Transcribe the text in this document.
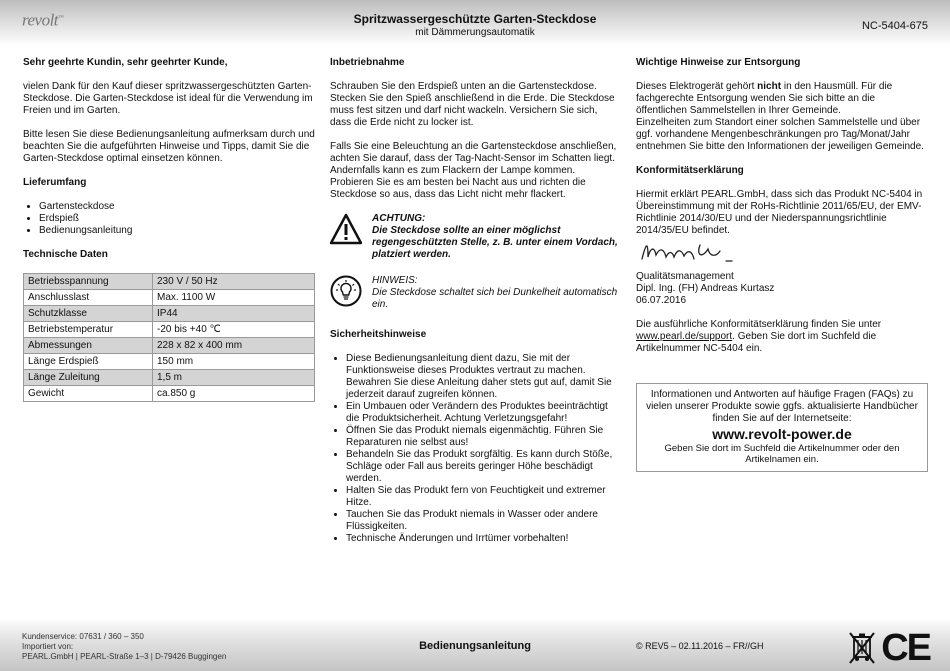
revolt™	Spritzwassergeschützte Garten-Steckdose
mit Dämmerungsautomatik
NC-5404-675
Sehr geehrte Kundin, sehr geehrter Kunde,

vielen Dank für den Kauf dieser spritzwassergeschützten Garten-Steckdose. Die Garten-Steckdose ist ideal für die Verwendung im Freien und im Garten.

Bitte lesen Sie diese Bedienungsanleitung aufmerksam durch und beachten Sie die aufgeführten Hinweise und Tipps, damit Sie die Garten-Steckdose optimal einsetzen können.

Lieferumfang
• Gartensteckdose
• Erdspieß
• Bedienungsanleitung
Technische Daten
Betriebsspannung	230 V / 50 Hz
Anschlusslast	Max. 1100 W
Schutzklasse	IP44
Betriebstemperatur	-20 bis +40 ℃
Abmessungen	228 x 82 x 400 mm
Länge Erdspieß	150 mm
Länge Zuleitung	1,5 m
Gewicht	ca.850 g
Inbetriebnahme

Schrauben Sie den Erdspieß unten an die Gartensteckdose. Stecken Sie den Spieß anschließend in die Erde. Die Steckdose muss fest sitzen und darf nicht wackeln. Versichern Sie sich, dass die Erde nicht zu locker ist.

Falls Sie eine Beleuchtung an die Gartensteckdose anschließen, achten Sie darauf, dass der Tag-Nacht-Sensor im Schatten liegt. Andernfalls kann es zum Flackern der Lampe kommen. Probieren Sie es am besten bei Nacht aus und richten die Steckdose so aus, dass das Licht nicht mehr flackert.

ACHTUNG:
Die Steckdose sollte an einer möglichst regengeschützten Stelle, z. B. unter einem Vordach, platziert werden.
HINWEIS:
Die Steckdose schaltet sich bei Dunkelheit automatisch ein.
Sicherheitshinweise
• Diese Bedienungsanleitung dient dazu, Sie mit der Funktionsweise dieses Produktes vertraut zu machen. Bewahren Sie diese Anleitung daher stets gut auf, damit Sie jederzeit darauf zugreifen können.
• Ein Umbauen oder Verändern des Produktes beeinträchtigt die Produktsicherheit. Achtung Verletzungsgefahr!
• Öffnen Sie das Produkt niemals eigenmächtig. Führen Sie Reparaturen nie selbst aus!
• Behandeln Sie das Produkt sorgfältig. Es kann durch Stöße, Schläge oder Fall aus bereits geringer Höhe beschädigt werden.
• Halten Sie das Produkt fern von Feuchtigkeit und extremer Hitze.
• Tauchen Sie das Produkt niemals in Wasser oder andere Flüssigkeiten.
• Technische Änderungen und Irrtümer vorbehalten!
Wichtige Hinweise zur Entsorgung

Dieses Elektrogerät gehört nicht in den Hausmüll. Für die fachgerechte Entsorgung wenden Sie sich bitte an die öffentlichen Sammelstellen in Ihrer Gemeinde.

Einzelheiten zum Standort einer solchen Sammelstelle und über ggf. vorhandene Mengenbeschränkungen pro Tag/Monat/Jahr entnehmen Sie bitte den Informationen der jeweiligen Gemeinde.

Konformitätserklärung

Hiermit erklärt PEARL.GmbH, dass sich das Produkt NC-5404 in Übereinstimmung mit der RoHs-Richtlinie 2011/65/EU, der EMV-Richtlinie 2014/30/EU und der Niederspannungsrichtlinie 2014/35/EU befindet.

Qualitätsmanagement
Dipl. Ing. (FH) Andreas Kurtasz
06.07.2016

Die ausführliche Konformitätserklärung finden Sie unter www.pearl.de/support. Geben Sie dort im Suchfeld die Artikelnummer NC-5404 ein.

Informationen und Antworten auf häufige Fragen (FAQs) zu vielen unserer Produkte sowie ggfs. aktualisierte Handbücher finden Sie auf der Internetseite:
www.revolt-power.de
Geben Sie dort im Suchfeld die Artikelnummer oder den Artikelnamen ein.
Kundenservice: 07631 / 360 – 350
Importiert von:
PEARL.GmbH | PEARL-Straße 1–3 | D-79426 Buggingen
Bedienungsanleitung	© REV5 – 02.11.2016 – FR//GH	CE
